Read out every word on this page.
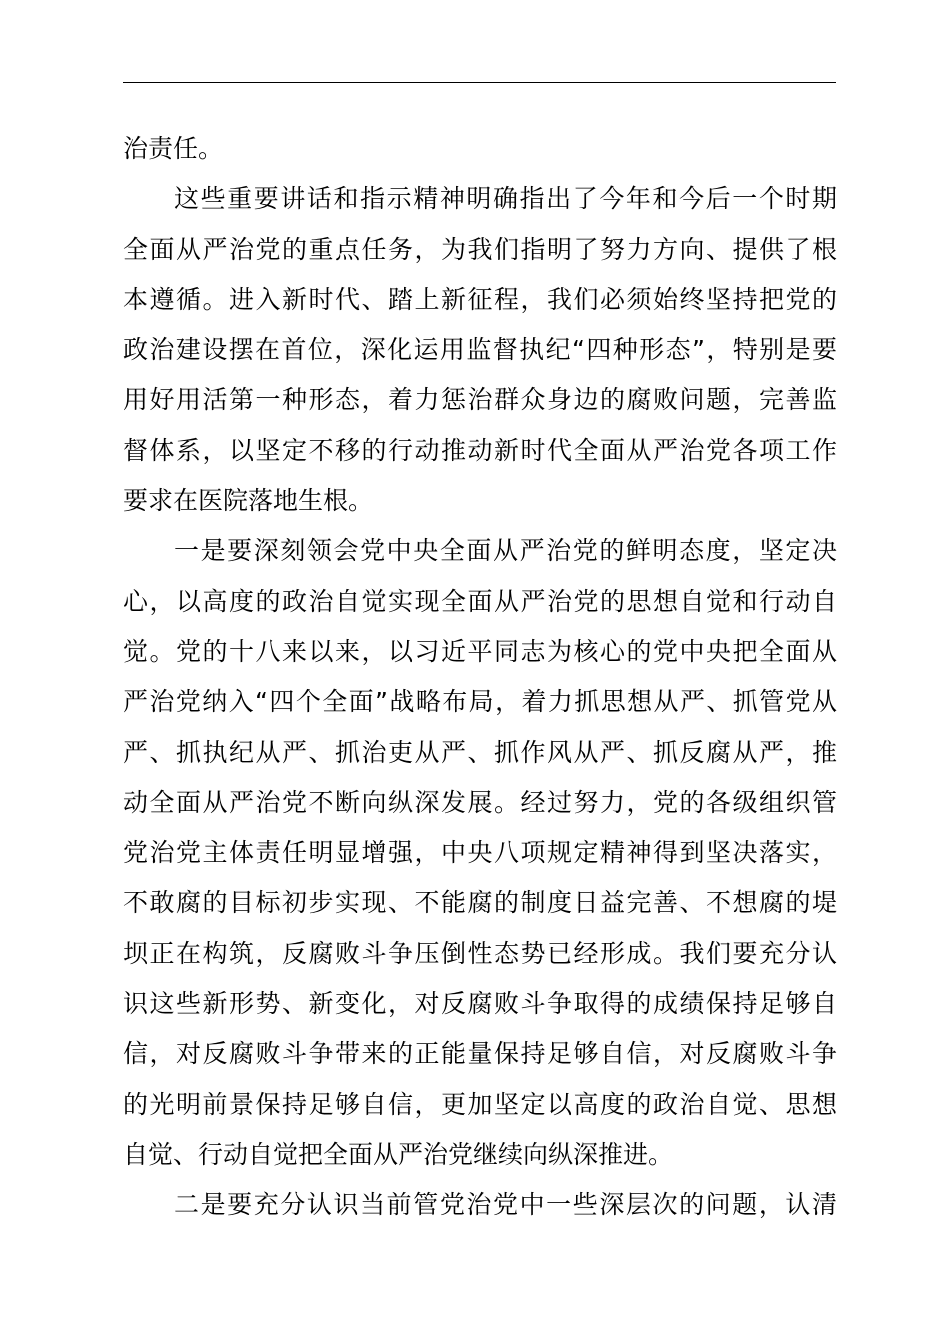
治责任。
这些重要讲话和指示精神明确指出了今年和今后一个时期
全面从严治党的重点任务，为我们指明了努力方向、提供了根
本遵循。进入新时代、踏上新征程，我们必须始终坚持把党的
政治建设摆在首位，深化运用监督执纪“四种形态”，特别是要
用好用活第一种形态，着力惩治群众身边的腐败问题，完善监
督体系，以坚定不移的行动推动新时代全面从严治党各项工作
要求在医院落地生根。
一是要深刻领会党中央全面从严治党的鲜明态度，坚定决
心，以高度的政治自觉实现全面从严治党的思想自觉和行动自
觉。党的十八来以来，以习近平同志为核心的党中央把全面从
严治党纳入“四个全面”战略布局，着力抓思想从严、抓管党从
严、抓执纪从严、抓治吏从严、抓作风从严、抓反腐从严，推
动全面从严治党不断向纵深发展。经过努力，党的各级组织管
党治党主体责任明显增强，中央八项规定精神得到坚决落实，
不敢腐的目标初步实现、不能腐的制度日益完善、不想腐的堤
坝正在构筑，反腐败斗争压倒性态势已经形成。我们要充分认
识这些新形势、新变化，对反腐败斗争取得的成绩保持足够自
信，对反腐败斗争带来的正能量保持足够自信，对反腐败斗争
的光明前景保持足够自信，更加坚定以高度的政治自觉、思想
自觉、行动自觉把全面从严治党继续向纵深推进。
二是要充分认识当前管党治党中一些深层次的问题，认清
